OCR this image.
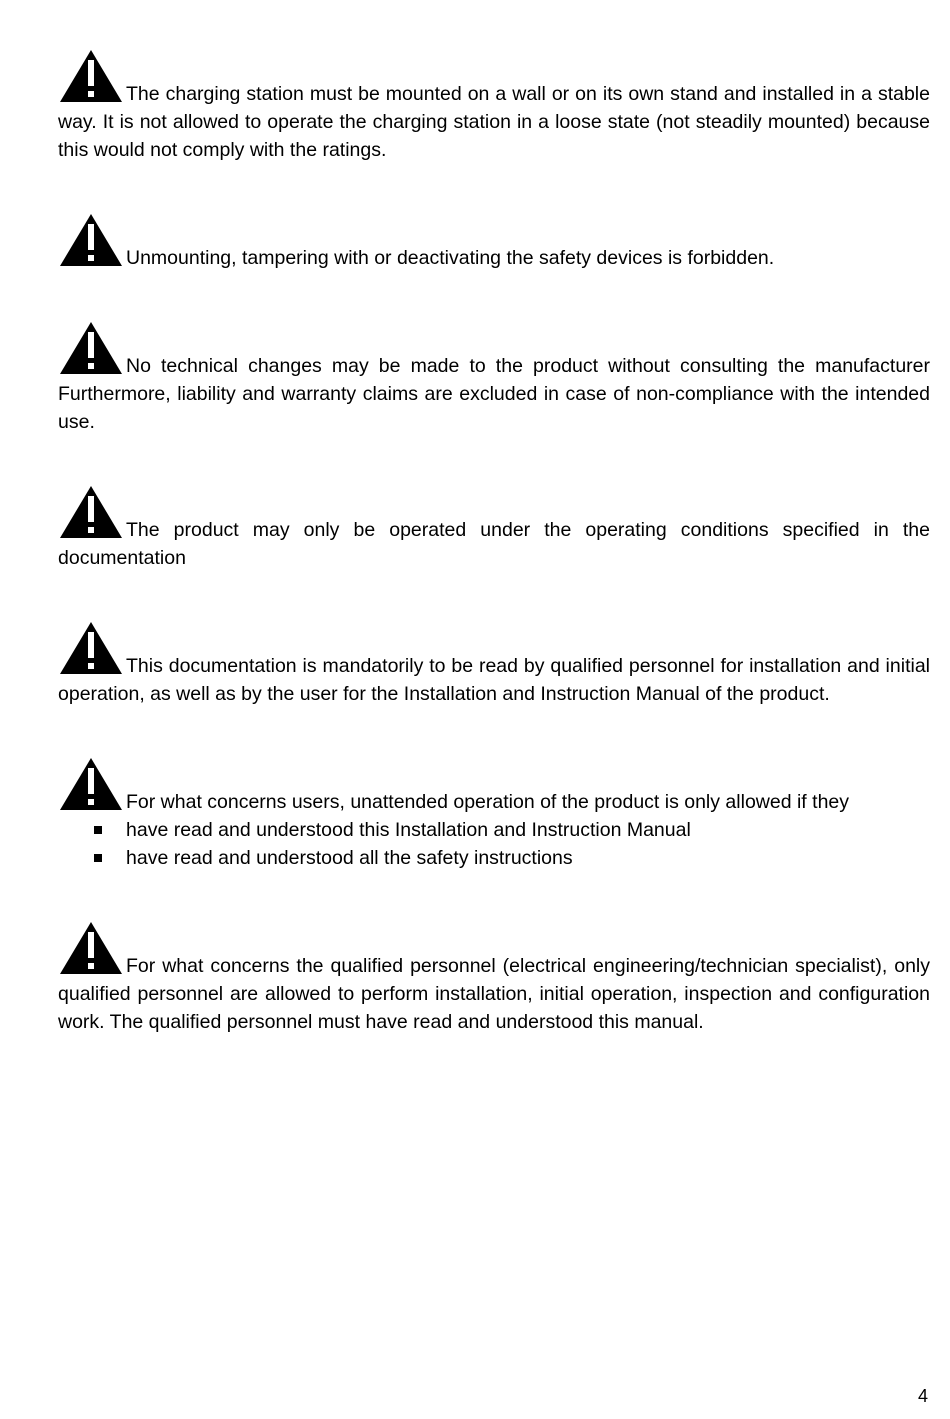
The charging station must be mounted on a wall or on its own stand and installed in a stable way. It is not allowed to operate the charging station in a loose state (not steadily mounted) because this would not comply with the ratings.
Unmounting, tampering with or deactivating the safety devices is forbidden.
No technical changes may be made to the product without consulting the manufacturer Furthermore, liability and warranty claims are excluded in case of non-compliance with the intended use.
The product may only be operated under the operating conditions specified in the documentation
This documentation is mandatorily to be read by qualified personnel for installation and initial operation, as well as by the user for the Installation and Instruction Manual of the product.
For what concerns users, unattended operation of the product is only allowed if they
have read and understood this Installation and Instruction Manual
have read and understood all the safety instructions
For what concerns the qualified personnel (electrical engineering/technician specialist), only qualified personnel are allowed to perform installation, initial operation, inspection and configuration work. The qualified personnel must have read and understood this manual.
4
